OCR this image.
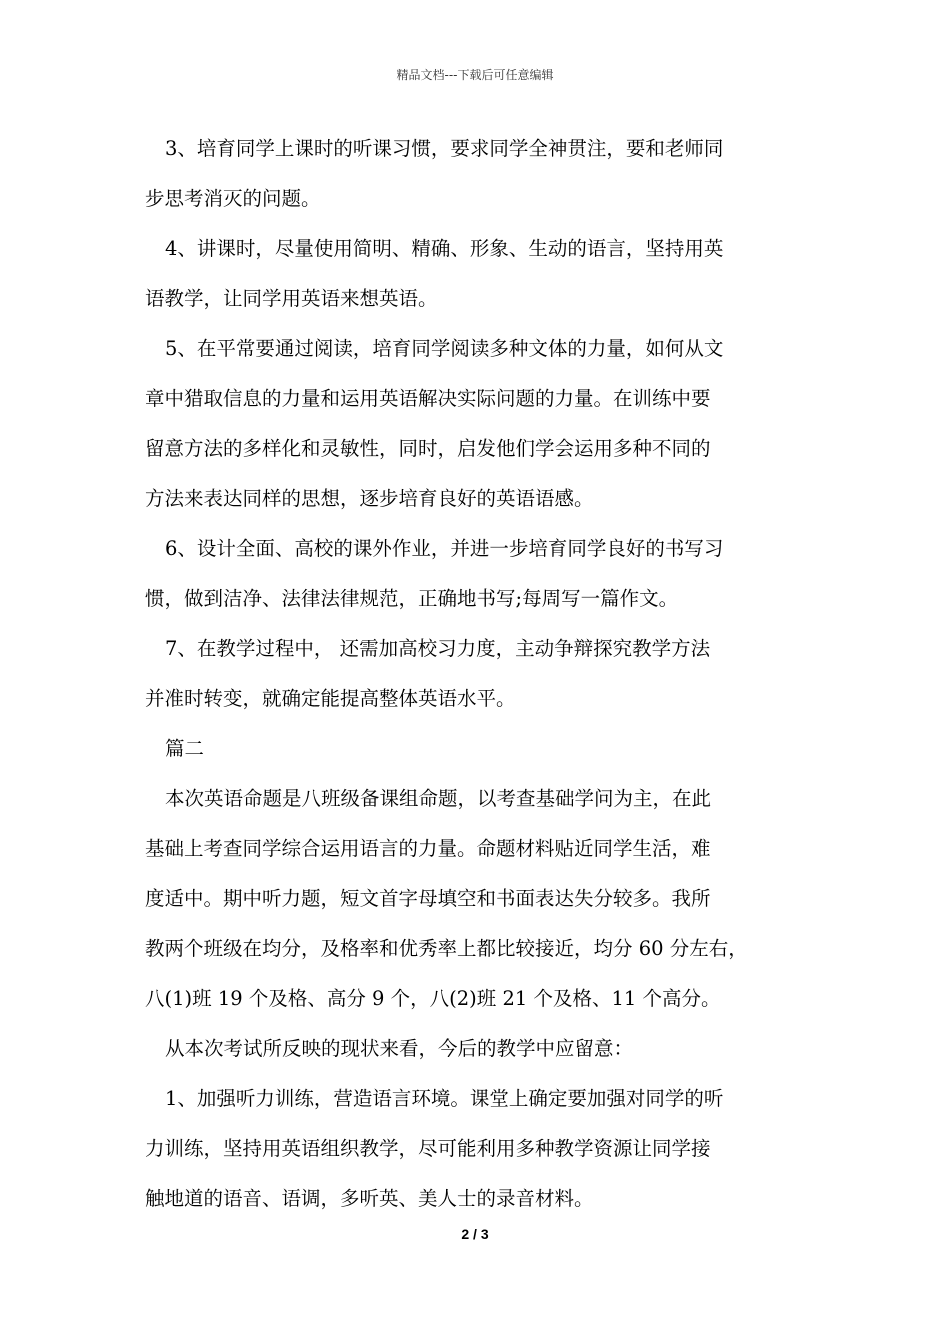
精品文档---下载后可任意编辑
3、培育同学上课时的听课习惯，要求同学全神贯注，要和老师同
步思考消灭的问题。
4、讲课时，尽量使用简明、精确、形象、生动的语言，坚持用英
语教学，让同学用英语来想英语。
5、在平常要通过阅读，培育同学阅读多种文体的力量，如何从文
章中猎取信息的力量和运用英语解决实际问题的力量。在训练中要
留意方法的多样化和灵敏性，同时，启发他们学会运用多种不同的
方法来表达同样的思想，逐步培育良好的英语语感。
6、设计全面、高校的课外作业，并进一步培育同学良好的书写习
惯，做到洁净、法律法律规范，正确地书写;每周写一篇作文。
7、在教学过程中， 还需加高校习力度，主动争辩探究教学方法
并准时转变，就确定能提高整体英语水平。
篇二
本次英语命题是八班级备课组命题，以考查基础学问为主，在此
基础上考查同学综合运用语言的力量。命题材料贴近同学生活，难
度适中。期中听力题，短文首字母填空和书面表达失分较多。我所
教两个班级在均分，及格率和优秀率上都比较接近，均分 60 分左右，
八(1)班 19 个及格、高分 9 个，八(2)班 21 个及格、11 个高分。
从本次考试所反映的现状来看，今后的教学中应留意：
1、加强听力训练，营造语言环境。课堂上确定要加强对同学的听
力训练，坚持用英语组织教学，尽可能利用多种教学资源让同学接
触地道的语音、语调，多听英、美人士的录音材料。
2 / 3
